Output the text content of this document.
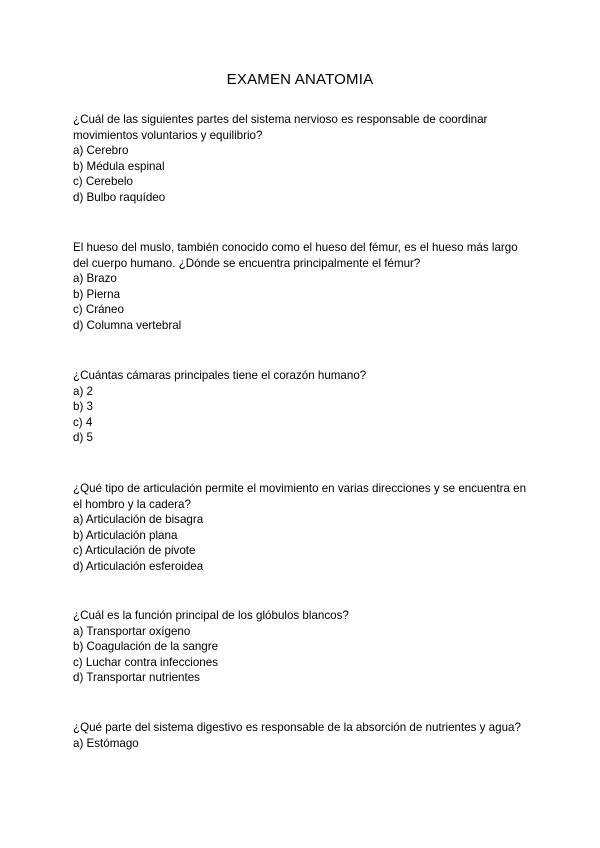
EXAMEN ANATOMIA

¿Cuál de las siguientes partes del sistema nervioso es responsable de coordinar movimientos voluntarios y equilibrio?

a) Cerebro

b) Médula espinal

c) Cerebelo

d) Bulbo raquídeo

El hueso del muslo, también conocido como el hueso del fémur, es el hueso más largo del cuerpo humano. ¿Dónde se encuentra principalmente el fémur?

a) Brazo

b) Pierna

c) Cráneo

d) Columna vertebral

¿Cuántas cámaras principales tiene el corazón humano?

a) 2

b) 3

c) 4

d) 5

¿Qué tipo de articulación permite el movimiento en varias direcciones y se encuentra en el hombro y la cadera?

a) Articulación de bisagra

b) Articulación plana

c) Articulación de pivote

d) Articulación esferoidea

¿Cuál es la función principal de los glóbulos blancos?

a) Transportar oxígeno

b) Coagulación de la sangre

c) Luchar contra infecciones

d) Transportar nutrientes

¿Qué parte del sistema digestivo es responsable de la absorción de nutrientes y agua?

a) Estómago
